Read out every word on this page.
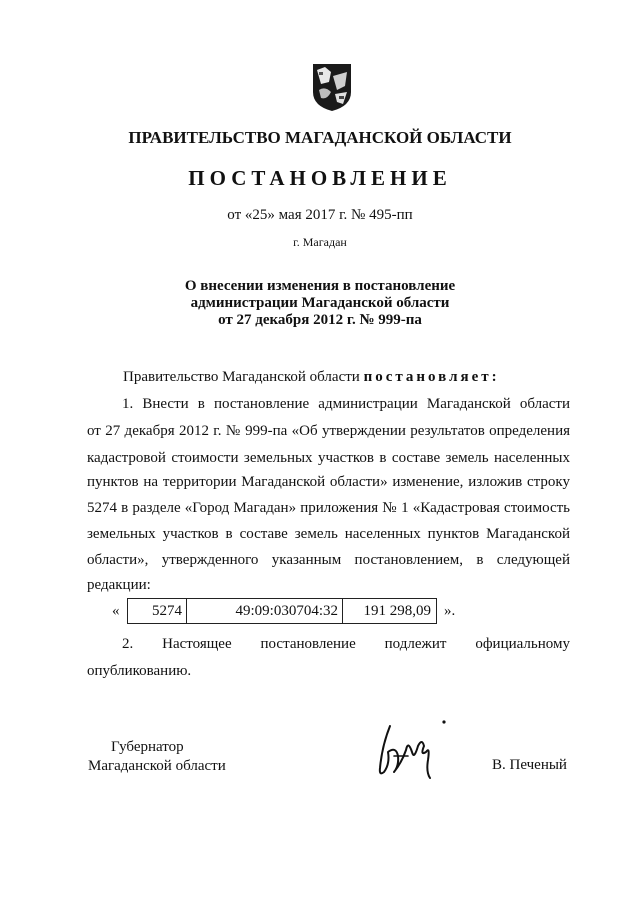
ПРАВИТЕЛЬСТВО МАГАДАНСКОЙ ОБЛАСТИ
ПОСТАНОВЛЕНИЕ
от «25» мая 2017 г. № 495-пп
г. Магадан
О внесении изменения в постановление
администрации Магаданской области
от 27 декабря 2012 г. № 999-па
Правительство Магаданской области постановляет:
1. Внести в постановление администрации Магаданской области
от 27 декабря 2012 г. № 999-па «Об утверждении результатов определения
кадастровой стоимости земельных участков в составе земель населенных
пунктов на территории Магаданской области» изменение, изложив строку
5274 в разделе «Город Магадан» приложения № 1 «Кадастровая стоимость
земельных участков в составе земель населенных пунктов Магаданской
области», утвержденного указанным постановлением, в следующей
редакции:
«	5274	49:09:030704:32	191 298,09 ».
2. Настоящее постановление подлежит официальному
опубликованию.
Губернатор
Магаданской области	В. Печеный
